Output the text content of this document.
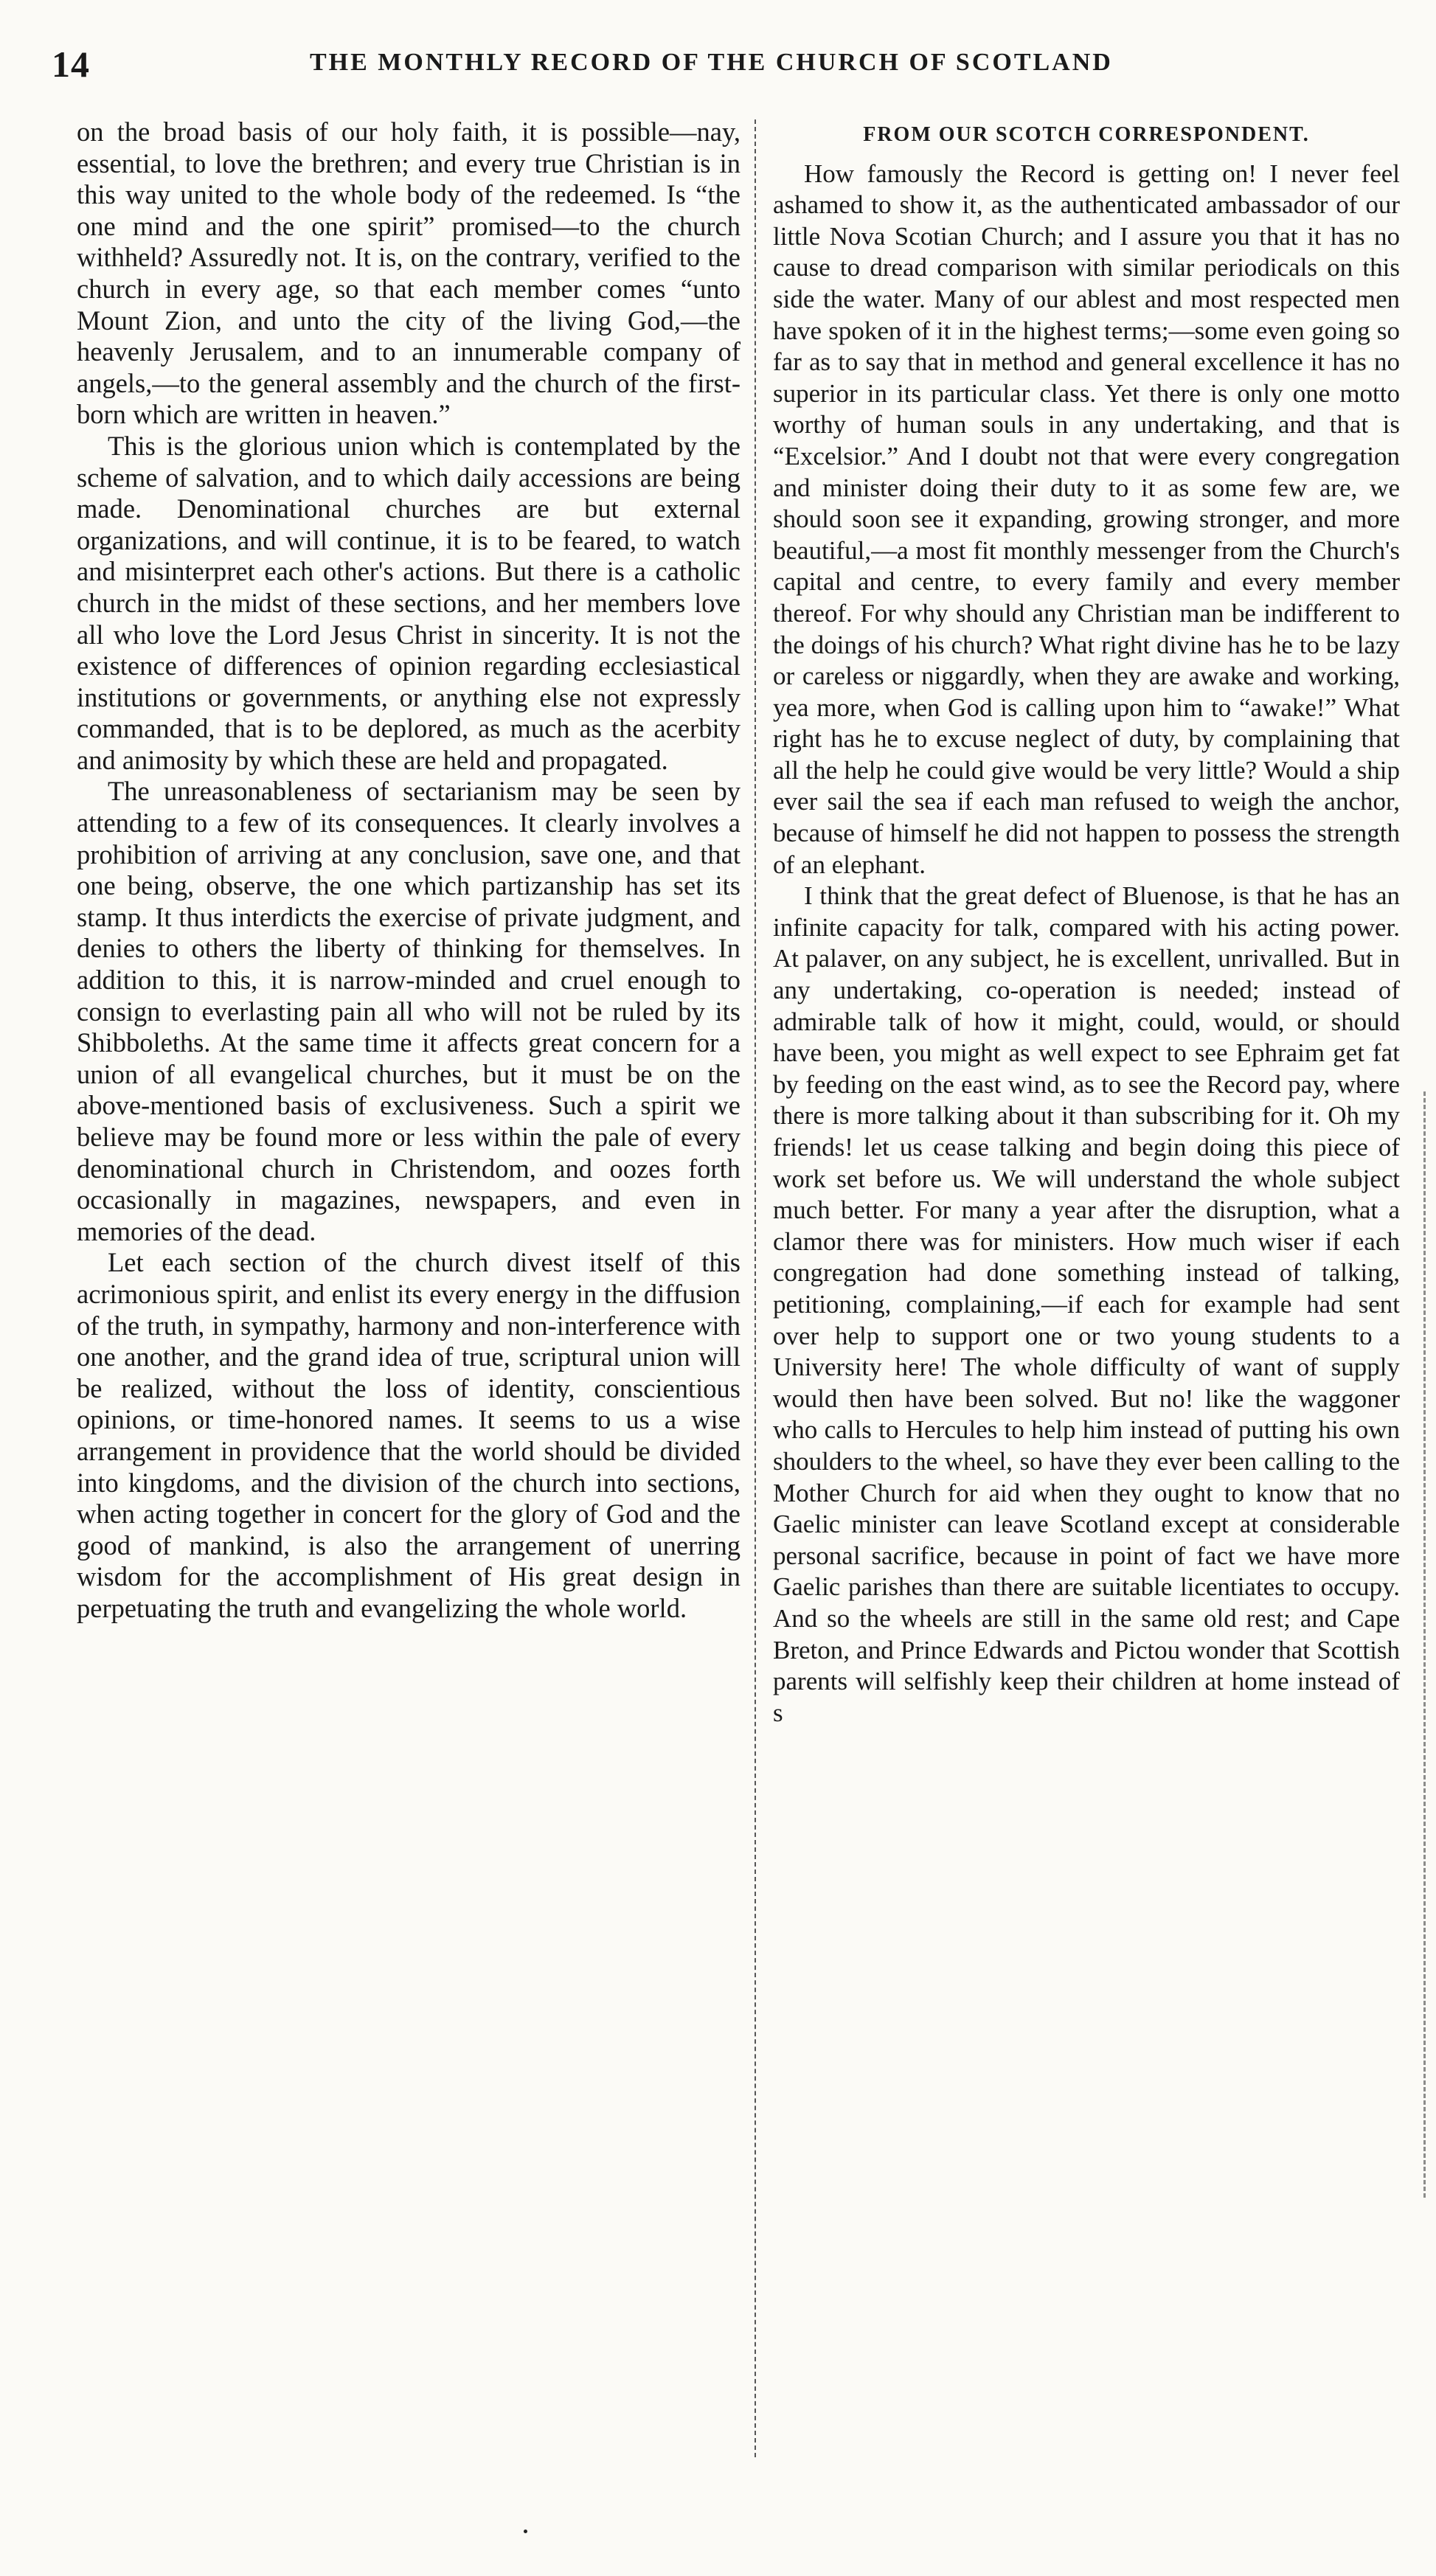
14	THE MONTHLY RECORD OF THE CHURCH OF SCOTLAND

on the broad basis of our holy faith, it is possible—nay, essential, to love the brethren; and every true Christian is in this way united to the whole body of the redeemed. Is “the one mind and the one spirit” promised—to the church withheld? Assuredly not. It is, on the contrary, verified to the church in every age, so that each member comes “unto Mount Zion, and unto the city of the living God,—the heavenly Jerusalem, and to an innumerable company of angels,—to the general assembly and the church of the first-born which are written in heaven.”

This is the glorious union which is contemplated by the scheme of salvation, and to which daily accessions are being made. Denominational churches are but external organizations, and will continue, it is to be feared, to watch and misinterpret each other's actions. But there is a catholic church in the midst of these sections, and her members love all who love the Lord Jesus Christ in sincerity. It is not the existence of differences of opinion regarding ecclesiastical institutions or governments, or anything else not expressly commanded, that is to be deplored, as much as the acerbity and animosity by which these are held and propagated.

The unreasonableness of sectarianism may be seen by attending to a few of its consequences. It clearly involves a prohibition of arriving at any conclusion, save one, and that one being, observe, the one which partizanship has set its stamp. It thus interdicts the exercise of private judgment, and denies to others the liberty of thinking for themselves. In addition to this, it is narrow-minded and cruel enough to consign to everlasting pain all who will not be ruled by its Shibboleths. At the same time it affects great concern for a union of all evangelical churches, but it must be on the above-mentioned basis of exclusiveness. Such a spirit we believe may be found more or less within the pale of every denominational church in Christendom, and oozes forth occasionally in magazines, newspapers, and even in memories of the dead.

Let each section of the church divest itself of this acrimonious spirit, and enlist its every energy in the diffusion of the truth, in sympathy, harmony and non-interference with one another, and the grand idea of true, scriptural union will be realized, without the loss of identity, conscientious opinions, or time-honored names. It seems to us a wise arrangement in providence that the world should be divided into kingdoms, and the division of the church into sections, when acting together in concert for the glory of God and the good of mankind, is also the arrangement of unerring wisdom for the accomplishment of His great design in perpetuating the truth and evangelizing the whole world.

FROM OUR SCOTCH CORRESPONDENT.

How famously the Record is getting on! I never feel ashamed to show it, as the authenticated ambassador of our little Nova Scotian Church; and I assure you that it has no cause to dread comparison with similar periodicals on this side the water. Many of our ablest and most respected men have spoken of it in the highest terms;—some even going so far as to say that in method and general excellence it has no superior in its particular class. Yet there is only one motto worthy of human souls in any undertaking, and that is “Excelsior.” And I doubt not that were every congregation and minister doing their duty to it as some few are, we should soon see it expanding, growing stronger, and more beautiful,—a most fit monthly messenger from the Church's capital and centre, to every family and every member thereof. For why should any Christian man be indifferent to the doings of his church? What right divine has he to be lazy or careless or niggardly, when they are awake and working, yea more, when God is calling upon him to “awake!” What right has he to excuse neglect of duty, by complaining that all the help he could give would be very little? Would a ship ever sail the sea if each man refused to weigh the anchor, because of himself he did not happen to possess the strength of an elephant.

I think that the great defect of Bluenose, is that he has an infinite capacity for talk, compared with his acting power. At palaver, on any subject, he is excellent, unrivalled. But in any undertaking, co-operation is needed; instead of admirable talk of how it might, could, would, or should have been, you might as well expect to see Ephraim get fat by feeding on the east wind, as to see the Record pay, where there is more talking about it than subscribing for it. Oh my friends! let us cease talking and begin doing this piece of work set before us. We will understand the whole subject much better. For many a year after the disruption, what a clamor there was for ministers. How much wiser if each congregation had done something instead of talking, petitioning, complaining,—if each for example had sent over help to support one or two young students to a University here! The whole difficulty of want of supply would then have been solved. But no! like the waggoner who calls to Hercules to help him instead of putting his own shoulders to the wheel, so have they ever been calling to the Mother Church for aid when they ought to know that no Gaelic minister can leave Scotland except at considerable personal sacrifice, because in point of fact we have more Gaelic parishes than there are suitable licentiates to occupy. And so the wheels are still in the same old rest; and Cape Breton, and Prince Edwards and Pictou wonder that Scottish parents will selfishly keep their children at home instead of s
